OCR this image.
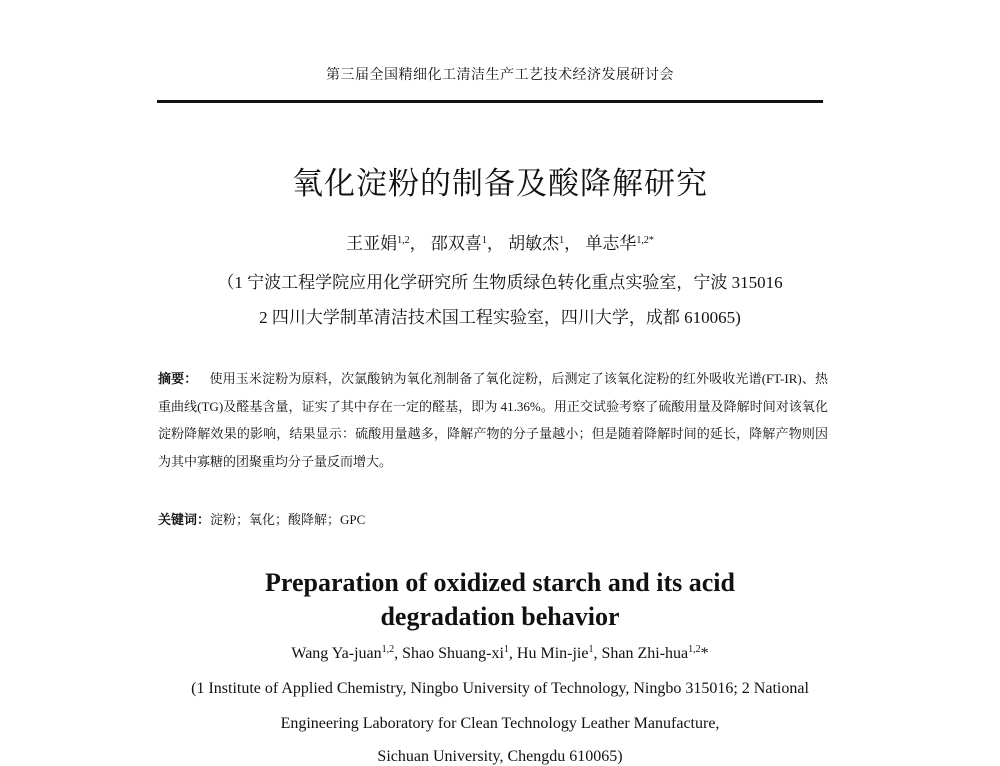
第三届全国精细化工清洁生产工艺技术经济发展研讨会
氧化淀粉的制备及酸降解研究
王亚娟$^{1,2}$， 邵双喜$^1$， 胡敏杰$^1$， 单志华$^{1,2*}$
（1 宁波工程学院应用化学研究所 生物质绿色转化重点实验室，宁波 315016
2 四川大学制革清洁技术国工程实验室，四川大学，成都 610065)
摘要： 使用玉米淀粉为原料，次氯酸钠为氧化剂制备了氧化淀粉，后测定了该氧化淀粉的红外吸收光谱(FT-IR)、热重曲线(TG)及醛基含量，证实了其中存在一定的醛基，即为 41.36%。用正交试验考察了硫酸用量及降解时间对该氧化淀粉降解效果的影响，结果显示：硫酸用量越多，降解产物的分子量越小；但是随着降解时间的延长，降解产物则因为其中寡糖的团聚重均分子量反而增大。
关键词：淀粉；氧化；酸降解；GPC
Preparation of oxidized starch and its acid
degradation behavior
Wang Ya-juan$^{1,2}$, Shao Shuang-$xi^1$, Hu Min-jie$^1$, Shan Zhi-hua$^{1,2}$*
(1 Institute of Applied Chemistry, Ningbo University of Technology, Ningbo 315016; 2 National
Engineering Laboratory for Clean Technology Leather Manufacture,
Sichuan University, Chengdu 610065)
